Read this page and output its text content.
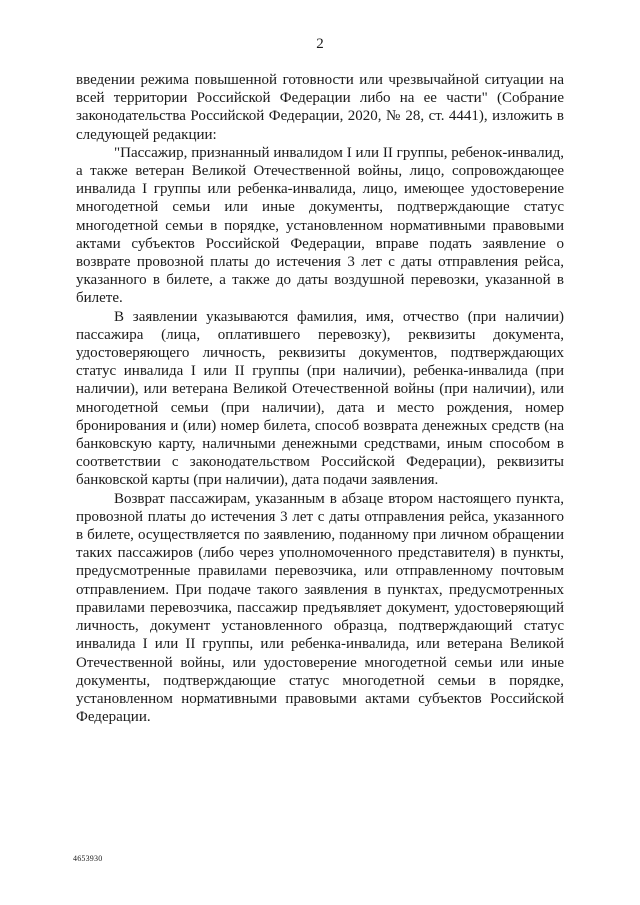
2

введении режима повышенной готовности или чрезвычайной ситуации на всей территории Российской Федерации либо на ее части" (Собрание законодательства Российской Федерации, 2020, № 28, ст. 4441), изложить в следующей редакции:

"Пассажир, признанный инвалидом I или II группы, ребенок-инвалид, а также ветеран Великой Отечественной войны, лицо, сопровождающее инвалида I группы или ребенка-инвалида, лицо, имеющее удостоверение многодетной семьи или иные документы, подтверждающие статус многодетной семьи в порядке, установленном нормативными правовыми актами субъектов Российской Федерации, вправе подать заявление о возврате провозной платы до истечения 3 лет с даты отправления рейса, указанного в билете, а также до даты воздушной перевозки, указанной в билете.

В заявлении указываются фамилия, имя, отчество (при наличии) пассажира (лица, оплатившего перевозку), реквизиты документа, удостоверяющего личность, реквизиты документов, подтверждающих статус инвалида I или II группы (при наличии), ребенка-инвалида (при наличии), или ветерана Великой Отечественной войны (при наличии), или многодетной семьи (при наличии), дата и место рождения, номер бронирования и (или) номер билета, способ возврата денежных средств (на банковскую карту, наличными денежными средствами, иным способом в соответствии с законодательством Российской Федерации), реквизиты банковской карты (при наличии), дата подачи заявления.

Возврат пассажирам, указанным в абзаце втором настоящего пункта, провозной платы до истечения 3 лет с даты отправления рейса, указанного в билете, осуществляется по заявлению, поданному при личном обращении таких пассажиров (либо через уполномоченного представителя) в пункты, предусмотренные правилами перевозчика, или отправленному почтовым отправлением. При подаче такого заявления в пунктах, предусмотренных правилами перевозчика, пассажир предъявляет документ, удостоверяющий личность, документ установленного образца, подтверждающий статус инвалида I или II группы, или ребенка-инвалида, или ветерана Великой Отечественной войны, или удостоверение многодетной семьи или иные документы, подтверждающие статус многодетной семьи в порядке, установленном нормативными правовыми актами субъектов Российской Федерации.

4653930
